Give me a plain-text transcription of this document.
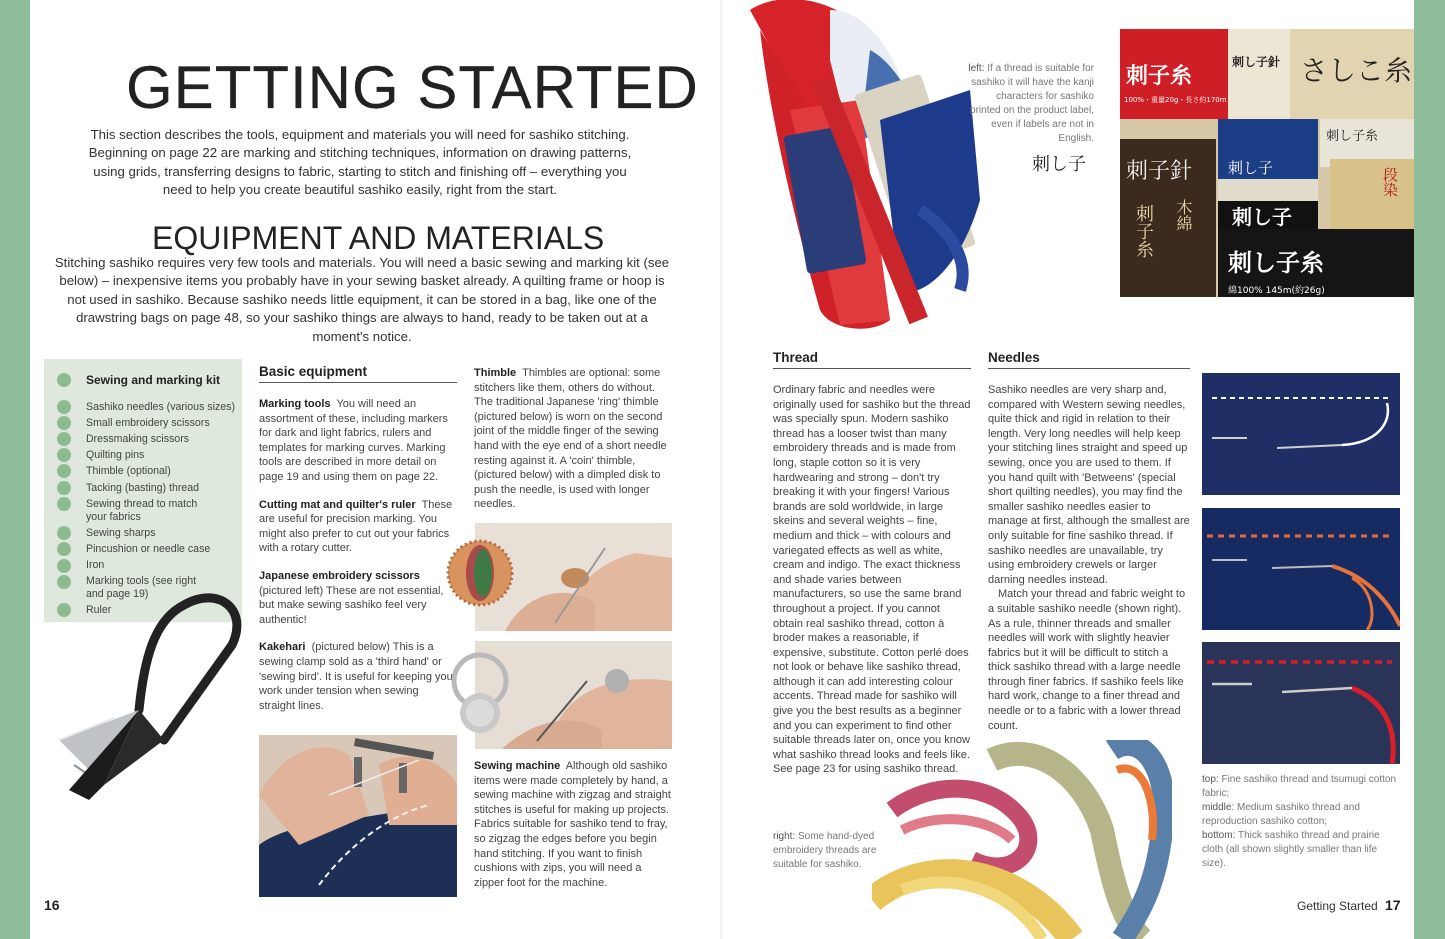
GETTING STARTED

This section describes the tools, equipment and materials you will need for sashiko stitching. Beginning on page 22 are marking and stitching techniques, information on drawing patterns, using grids, transferring designs to fabric, starting to stitch and finishing off – everything you need to help you create beautiful sashiko easily, right from the start.

EQUIPMENT AND MATERIALS

Stitching sashiko requires very few tools and materials. You will need a basic sewing and marking kit (see below) – inexpensive items you probably have in your sewing basket already. A quilting frame or hoop is not used in sashiko. Because sashiko needs little equipment, it can be stored in a bag, like one of the drawstring bags on page 48, so your sashiko things are always to hand, ready to be taken out at a moment's notice.

Sewing and marking kit
Sashiko needles (various sizes)
Small embroidery scissors
Dressmaking scissors
Quilting pins
Thimble (optional)
Tacking (basting) thread
Sewing thread to match your fabrics
Sewing sharps
Pincushion or needle case
Iron
Marking tools (see right and page 19)
Ruler
Basic equipment

Marking tools You will need an assortment of these, including markers for dark and light fabrics, rulers and templates for marking curves. Marking tools are described in more detail on page 19 and using them on page 22.

Cutting mat and quilter's ruler These are useful for precision marking. You might also prefer to cut out your fabrics with a rotary cutter.

Japanese embroidery scissors (pictured left) These are not essential, but make sewing sashiko feel very authentic!

Kakehari (pictured below) This is a sewing clamp sold as a 'third hand' or 'sewing bird'. It is useful for keeping your work under tension when sewing straight lines.

Thimble Thimbles are optional: some stitchers like them, others do without. The traditional Japanese 'ring' thimble (pictured below) is worn on the second joint of the middle finger of the sewing hand with the eye end of a short needle resting against it. A 'coin' thimble, (pictured below) with a dimpled disk to push the needle, is used with longer needles.

Sewing machine Although old sashiko items were made completely by hand, a sewing machine with zigzag and straight stitches is useful for making up projects. Fabrics suitable for sashiko tend to fray, so zigzag the edges before you begin hand stitching. If you want to finish cushions with zips, you will need a zipper foot for the machine.

16
left: If a thread is suitable for sashiko it will have the kanji characters for sashiko printed on the product label, even if labels are not in English.
刺し子
刺子糸
100%・重量20g・長さ約170m
刺し子針 さしこ糸
刺し子糸
刺子針
刺子糸 木綿
刺し子
刺し子
段染
刺し子糸
綿100% 145m(約26g)
Thread

Ordinary fabric and needles were originally used for sashiko but the thread was specially spun. Modern sashiko thread has a looser twist than many embroidery threads and is made from long, staple cotton so it is very hardwearing and strong – don't try breaking it with your fingers! Various brands are sold worldwide, in large skeins and several weights – fine, medium and thick – with colours and variegated effects as well as white, cream and indigo. The exact thickness and shade varies between manufacturers, so use the same brand throughout a project. If you cannot obtain real sashiko thread, cotton à broder makes a reasonable, if expensive, substitute. Cotton perlé does not look or behave like sashiko thread, although it can add interesting colour accents. Thread made for sashiko will give you the best results as a beginner and you can experiment to find other suitable threads later on, once you know what sashiko thread looks and feels like. See page 23 for using sashiko thread.

Needles

Sashiko needles are very sharp and, compared with Western sewing needles, quite thick and rigid in relation to their length. Very long needles will help keep your stitching lines straight and speed up sewing, once you are used to them. If you hand quilt with 'Betweens' (special short quilting needles), you may find the smaller sashiko needles easier to manage at first, although the smallest are only suitable for fine sashiko thread. If sashiko needles are unavailable, try using embroidery crewels or larger darning needles instead.

Match your thread and fabric weight to a suitable sashiko needle (shown right). As a rule, thinner threads and smaller needles will work with slightly heavier fabrics but it will be difficult to stitch a thick sashiko thread with a large needle through finer fabrics. If sashiko feels like hard work, change to a finer thread and needle or to a fabric with a lower thread count.

right: Some hand-dyed embroidery threads are suitable for sashiko.
top: Fine sashiko thread and tsumugi cotton fabric;
middle: Medium sashiko thread and reproduction sashiko cotton;
bottom: Thick sashiko thread and prairie cloth (all shown slightly smaller than life size).
Getting Started 17
